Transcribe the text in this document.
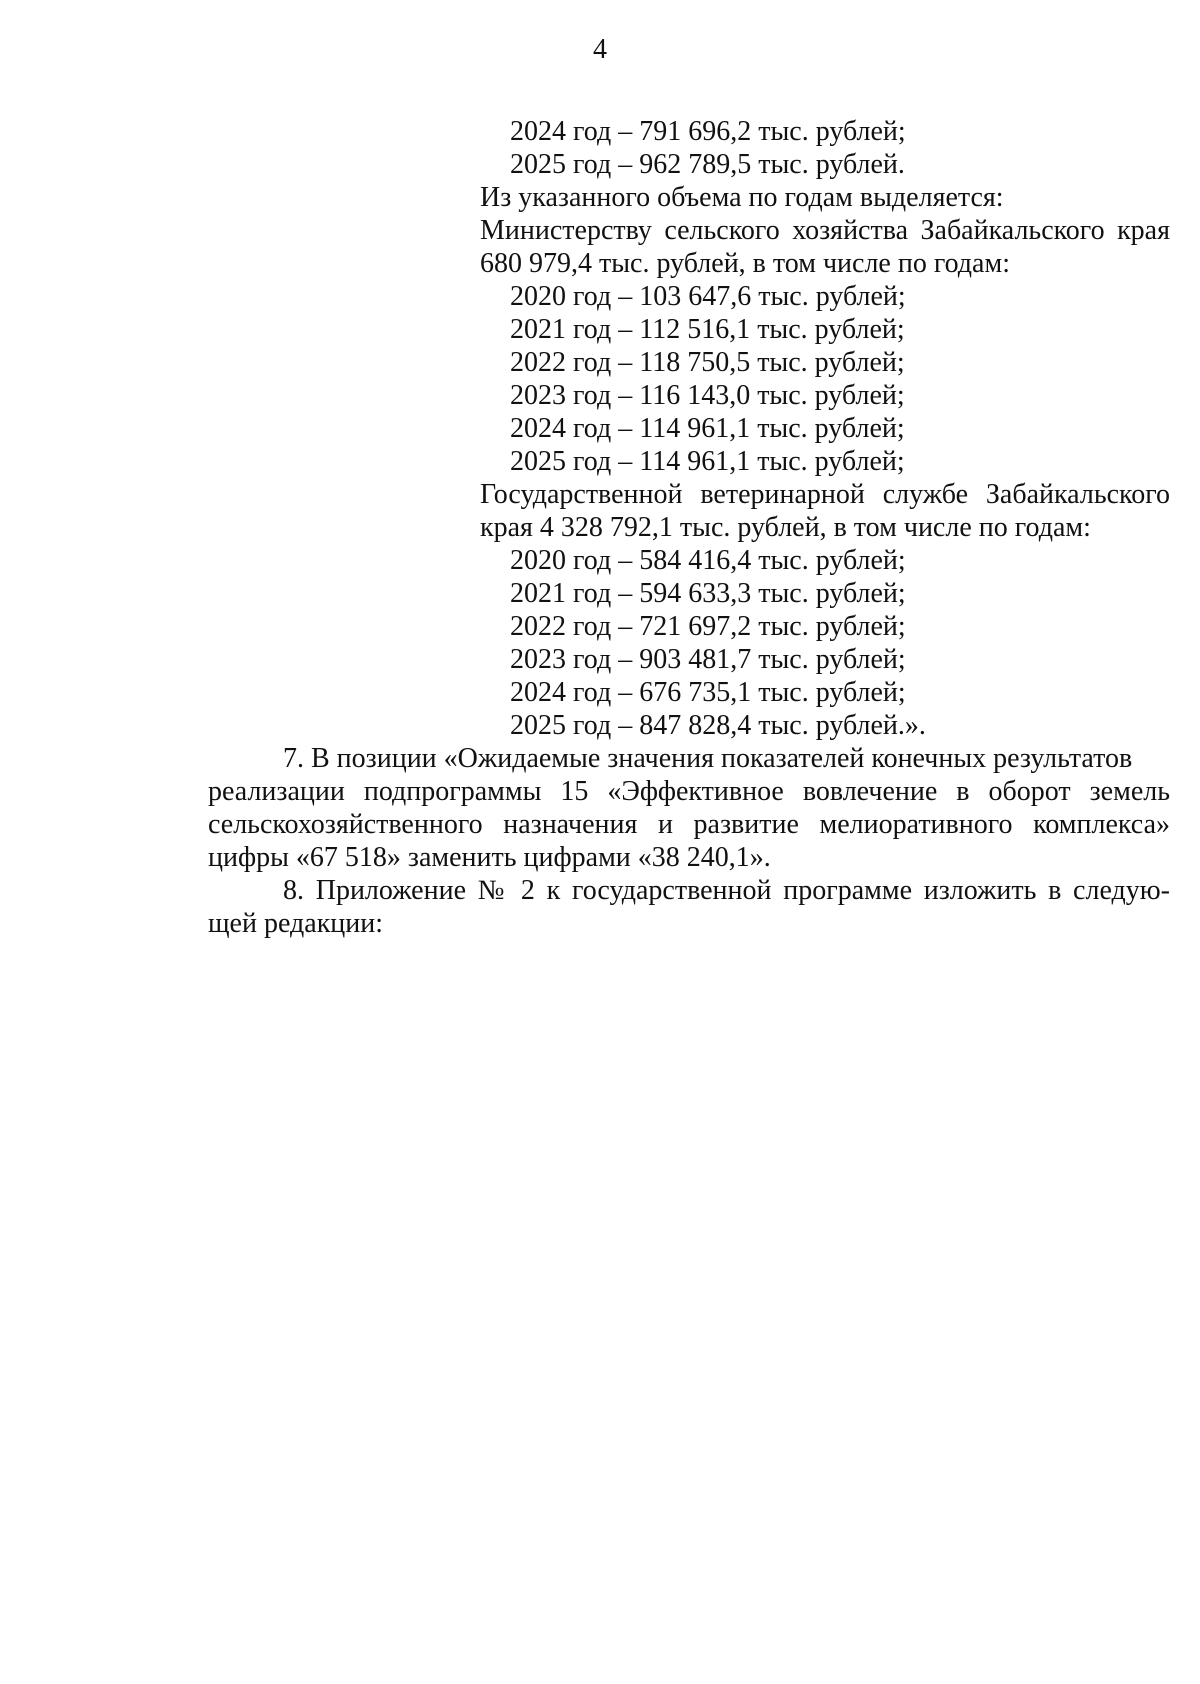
4
2024 год – 791 696,2 тыс. рублей;
2025 год – 962 789,5 тыс. рублей.
Из указанного объема по годам выделяется:
Министерству сельского хозяйства Забайкальского края
680 979,4 тыс. рублей, в том числе по годам:
2020 год – 103 647,6 тыс. рублей;
2021 год – 112 516,1 тыс. рублей;
2022 год – 118 750,5 тыс. рублей;
2023 год – 116 143,0 тыс. рублей;
2024 год – 114 961,1 тыс. рублей;
2025 год – 114 961,1 тыс. рублей;
Государственной ветеринарной службе Забайкальского
края 4 328 792,1 тыс. рублей, в том числе по годам:
2020 год – 584 416,4 тыс. рублей;
2021 год – 594 633,3 тыс. рублей;
2022 год – 721 697,2 тыс. рублей;
2023 год – 903 481,7 тыс. рублей;
2024 год – 676 735,1 тыс. рублей;
2025 год – 847 828,4 тыс. рублей.».
7. В позиции «Ожидаемые значения показателей конечных результатов
реализации подпрограммы 15 «Эффективное вовлечение в оборот земель
сельскохозяйственного назначения и развитие мелиоративного комплекса»
цифры «67 518» заменить цифрами «38 240,1».
8. Приложение № 2 к государственной программе изложить в следую-
щей редакции:
